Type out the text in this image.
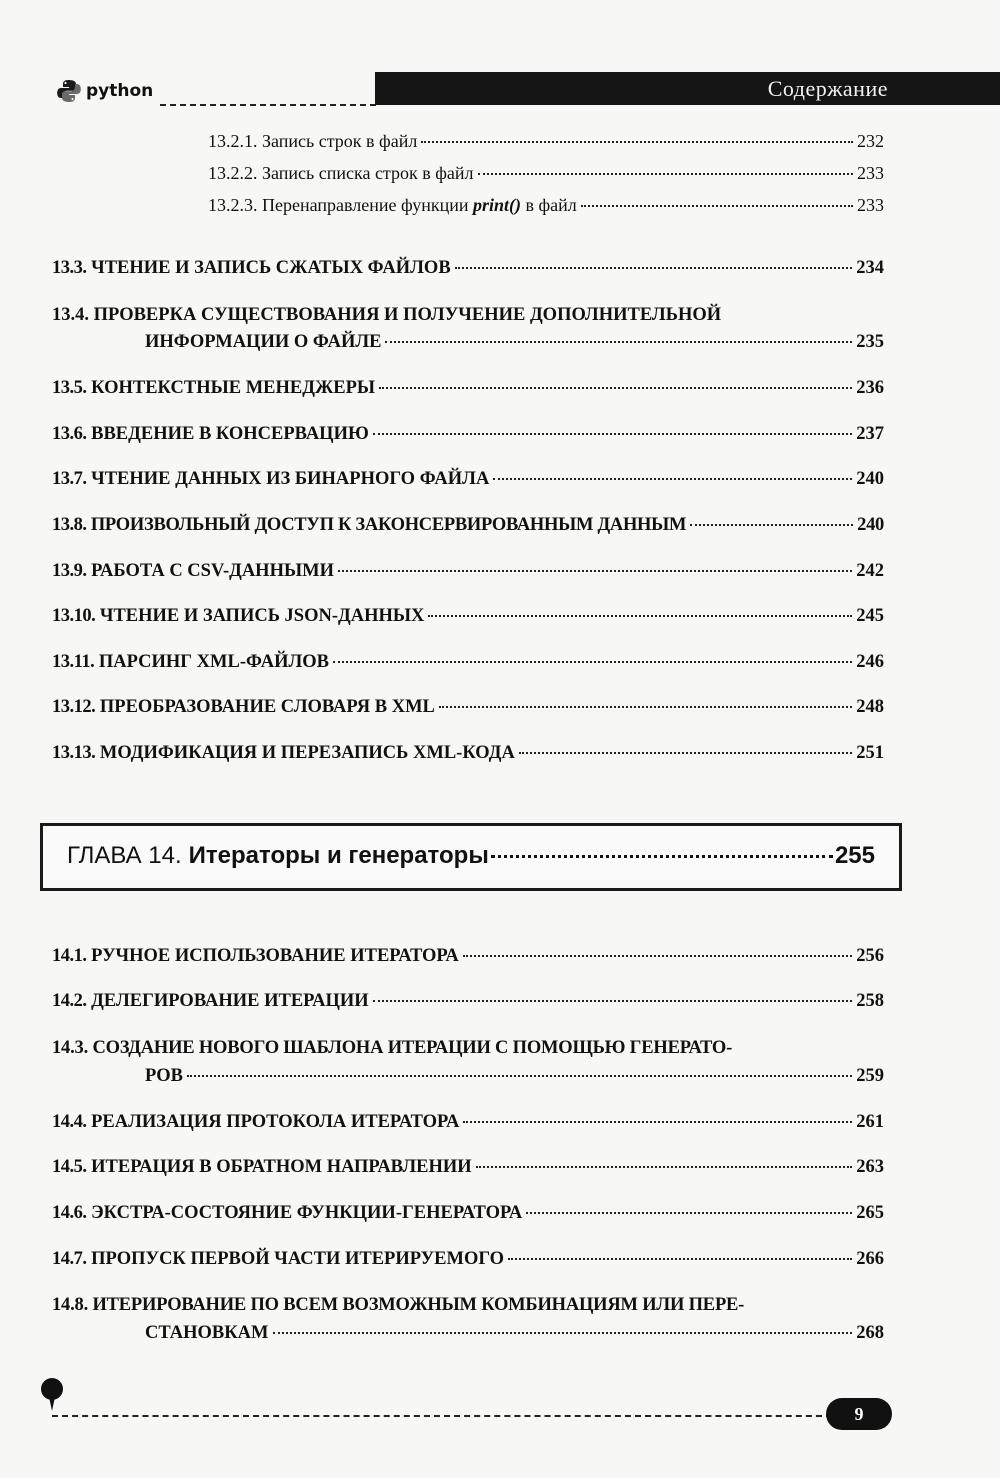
python	Содержание
13.2.1.
Запись строк в файл	232
13.2.2.
Запись списка строк в файл	233
13.2.3.
Перенаправление функции print() в файл	233
13.3.
ЧТЕНИЕ И ЗАПИСЬ СЖАТЫХ ФАЙЛОВ	234
13.4. ПРОВЕРКА СУЩЕСТВОВАНИЯ И ПОЛУЧЕНИЕ ДОПОЛНИТЕЛЬНОЙ
ИНФОРМАЦИИ О ФАЙЛЕ	235
13.5.
КОНТЕКСТНЫЕ МЕНЕДЖЕРЫ	236
13.6.
ВВЕДЕНИЕ В КОНСЕРВАЦИЮ	237
13.7.
ЧТЕНИЕ ДАННЫХ ИЗ БИНАРНОГО ФАЙЛА	240
13.8.
ПРОИЗВОЛЬНЫЙ ДОСТУП К ЗАКОНСЕРВИРОВАННЫМ ДАННЫМ	240
13.9.
РАБОТА С CSV-ДАННЫМИ	242
13.10.
ЧТЕНИЕ И ЗАПИСЬ JSON-ДАННЫХ	245
13.11.
ПАРСИНГ XML-ФАЙЛОВ	246
13.12.
ПРЕОБРАЗОВАНИЕ СЛОВАРЯ В XML	248
13.13.
МОДИФИКАЦИЯ И ПЕРЕЗАПИСЬ XML-КОДА	251
ГЛАВА 14. Итераторы и генераторы	255
14.1.
РУЧНОЕ ИСПОЛЬЗОВАНИЕ ИТЕРАТОРА	256
14.2.
ДЕЛЕГИРОВАНИЕ ИТЕРАЦИИ	258
14.3. СОЗДАНИЕ НОВОГО ШАБЛОНА ИТЕРАЦИИ С ПОМОЩЬЮ ГЕНЕРАТО-
РОВ	259
14.4.
РЕАЛИЗАЦИЯ ПРОТОКОЛА ИТЕРАТОРА	261
14.5.
ИТЕРАЦИЯ В ОБРАТНОМ НАПРАВЛЕНИИ	263
14.6.
ЭКСТРА-СОСТОЯНИЕ ФУНКЦИИ-ГЕНЕРАТОРА	265
14.7.
ПРОПУСК ПЕРВОЙ ЧАСТИ ИТЕРИРУЕМОГО	266
14.8. ИТЕРИРОВАНИЕ ПО ВСЕМ ВОЗМОЖНЫМ КОМБИНАЦИЯМ ИЛИ ПЕРЕ-
СТАНОВКАМ	268
9
